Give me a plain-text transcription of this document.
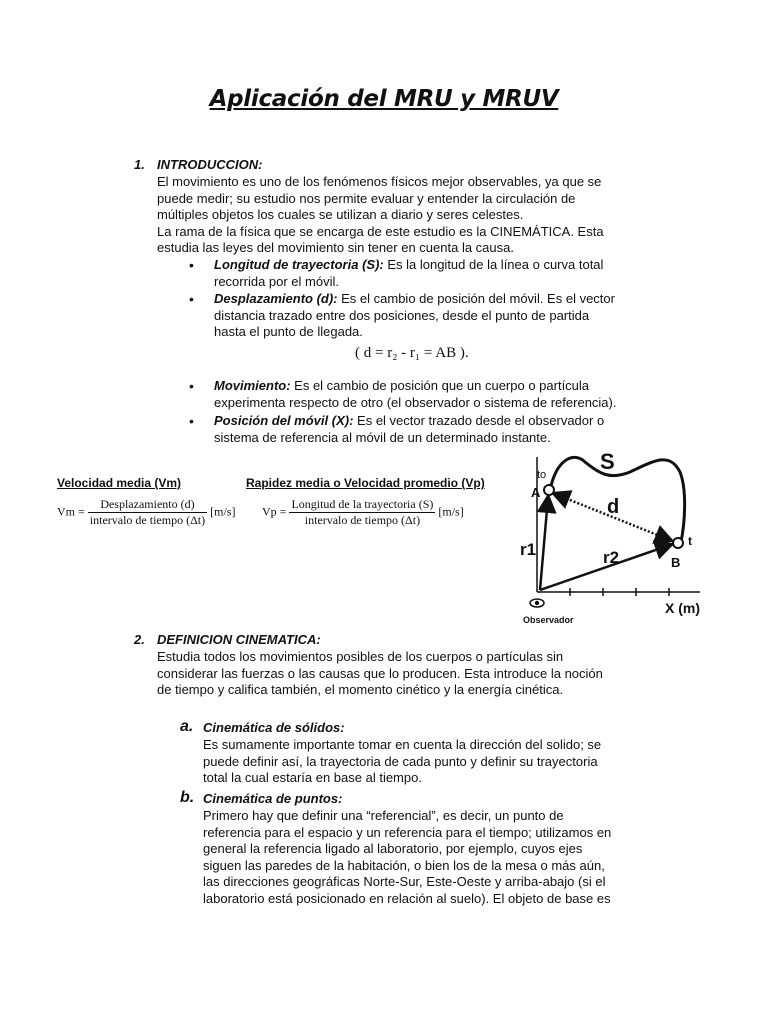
Aplicación del MRU y MRUV
1. INTRODUCCION:
El movimiento es uno de los fenómenos físicos mejor observables, ya que se
puede medir; su estudio nos permite evaluar y entender la circulación de
múltiples objetos los cuales se utilizan a diario y seres celestes.
La rama de la física que se encarga de este estudio es la CINEMÁTICA. Esta
estudia las leyes del movimiento sin tener en cuenta la causa.
• Longitud de trayectoria (S): Es la longitud de la línea o curva total
recorrida por el móvil.
• Desplazamiento (d): Es el cambio de posición del móvil. Es el vector
distancia trazado entre dos posiciones, desde el punto de partida
hasta el punto de llegada.
( d = r₂ - r₁ = AB ).
• Movimiento: Es el cambio de posición que un cuerpo o partícula
experimenta respecto de otro (el observador o sistema de referencia).
• Posición del móvil (X): Es el vector trazado desde el observador o
sistema de referencia al móvil de un determinado instante.
Velocidad media (Vm)
$Vm = \frac{\text{Desplazamiento (d)}}{\text{intervalo de tiempo (Δt)}} [m/s]$
Rapidez media o Velocidad promedio (Vp)
$Vp = \frac{\text{Longitud de la trayectoria (S)}}{\text{intervalo de tiempo (Δt)}} [m/s]$
S
d
r1	r2
A
B
to
t
X (m)
Observador
2. DEFINICION CINEMATICA:
Estudia todos los movimientos posibles de los cuerpos o partículas sin
considerar las fuerzas o las causas que lo producen. Esta introduce la noción
de tiempo y califica también, el momento cinético y la energía cinética.
a. Cinemática de sólidos:
Es sumamente importante tomar en cuenta la dirección del solido; se
puede definir así, la trayectoria de cada punto y definir su trayectoria
total la cual estaría en base al tiempo.
b. Cinemática de puntos:
Primero hay que definir una “referencial”, es decir, un punto de
referencia para el espacio y un referencia para el tiempo; utilizamos en
general la referencia ligado al laboratorio, por ejemplo, cuyos ejes
siguen las paredes de la habitación, o bien los de la mesa o más aún,
las direcciones geográficas Norte-Sur, Este-Oeste y arriba-abajo (si el
laboratorio está posicionado en relación al suelo). El objeto de base es
